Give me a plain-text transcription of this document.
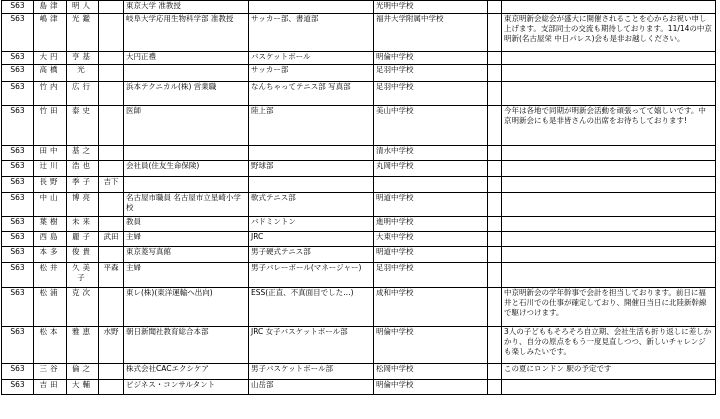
S63	島津	明人		東京大学 准教授		光明中学校		
S63	嶋津	光鑑		岐阜大学応用生物科学部 准教授	サッカー部、書道部	福井大学附属中学校		東京明新会総会が盛大に開催されることを心からお祝い申し上げます。支部同士の交流も期待しております。11/14の中京明新(名古屋栄 中日パレス)会も是非お越しください。
S63	大円	亨基		大円正禮	バスケットボール	明倫中学校		
S63	高橋	光			サッカー部	足羽中学校		
S63	竹内	広行		浜本テクニカル(株) 営業職	なんちゃってテニス部 写真部	足羽中学校		
S63	竹田	泰史		医師	陸上部	美山中学校		今年は各地で同期が明新会活動を頑張ってて嬉しいです。中京明新会にも是非皆さんの出席をお待ちしております!
S63	田中	基之				清水中学校		
S63	辻川	浩也		会社員(住友生命保険)	野球部	丸岡中学校		
S63	長野	季子	吉下					
S63	中山	博亮		名古屋市職員 名古屋市立星崎小学校	軟式テニス部	明道中学校		
S63	葉樹	未来		教員	バドミントン	進明中学校		
S63	西島	麗子	武田	主婦	JRC	大東中学校		
S63	本多	俊貴		東京菱写真館	男子硬式テニス部	明道中学校		
S63	松井	久美子	平森	主婦	男子バレーボール(マネージャー)	足羽中学校		
S63	松浦	克次		東レ(株)(東洋運輸へ出向)	ESS(正直、不真面目でした…)	成和中学校		中京明新会の学年幹事で会計を担当しております。前日に福井と石川での仕事が確定しており、開催日当日に北陸新幹線で駆けつけます。
S63	松本	雅恵	水野	朝日新聞社教育総合本部	JRC 女子バスケットボール部	明倫中学校		3人の子どももそろそろ自立期、会社生活も折り返しに差しかかり、自分の原点をもう一度見直しつつ、新しいチャレンジも楽しみたいです。
S63	三谷	倫之		株式会社CACエクシケア	男子バスケットボール部	松岡中学校		この夏にロンドン 駅の予定です
S63	吉田	大輔		ビジネス・コンサルタント	山岳部	明倫中学校		
